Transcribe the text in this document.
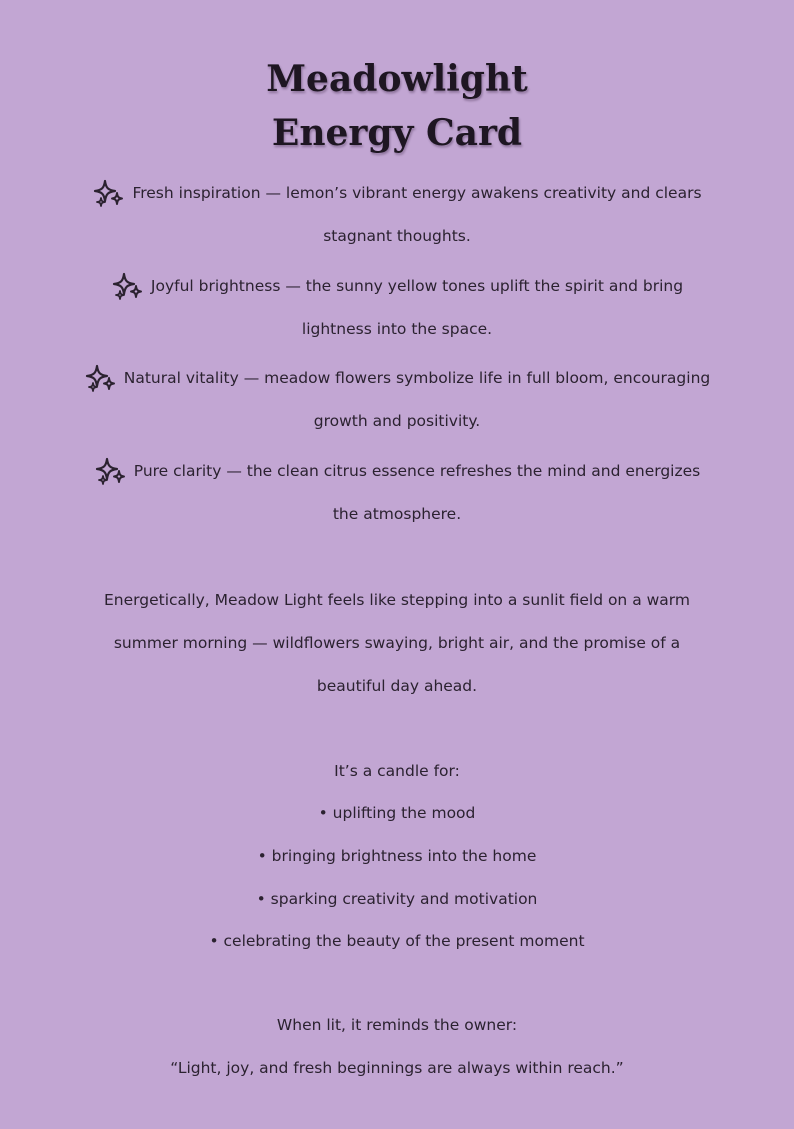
Meadowlight
Energy Card
Fresh inspiration — lemon’s vibrant energy awakens creativity and clears
stagnant thoughts.
Joyful brightness — the sunny yellow tones uplift the spirit and bring
lightness into the space.
Natural vitality — meadow flowers symbolize life in full bloom, encouraging
growth and positivity.
Pure clarity — the clean citrus essence refreshes the mind and energizes
the atmosphere.
Energetically, Meadow Light feels like stepping into a sunlit field on a warm
summer morning — wildflowers swaying, bright air, and the promise of a
beautiful day ahead.
It’s a candle for:
• uplifting the mood
• bringing brightness into the home
• sparking creativity and motivation
• celebrating the beauty of the present moment
When lit, it reminds the owner:
“Light, joy, and fresh beginnings are always within reach.”
